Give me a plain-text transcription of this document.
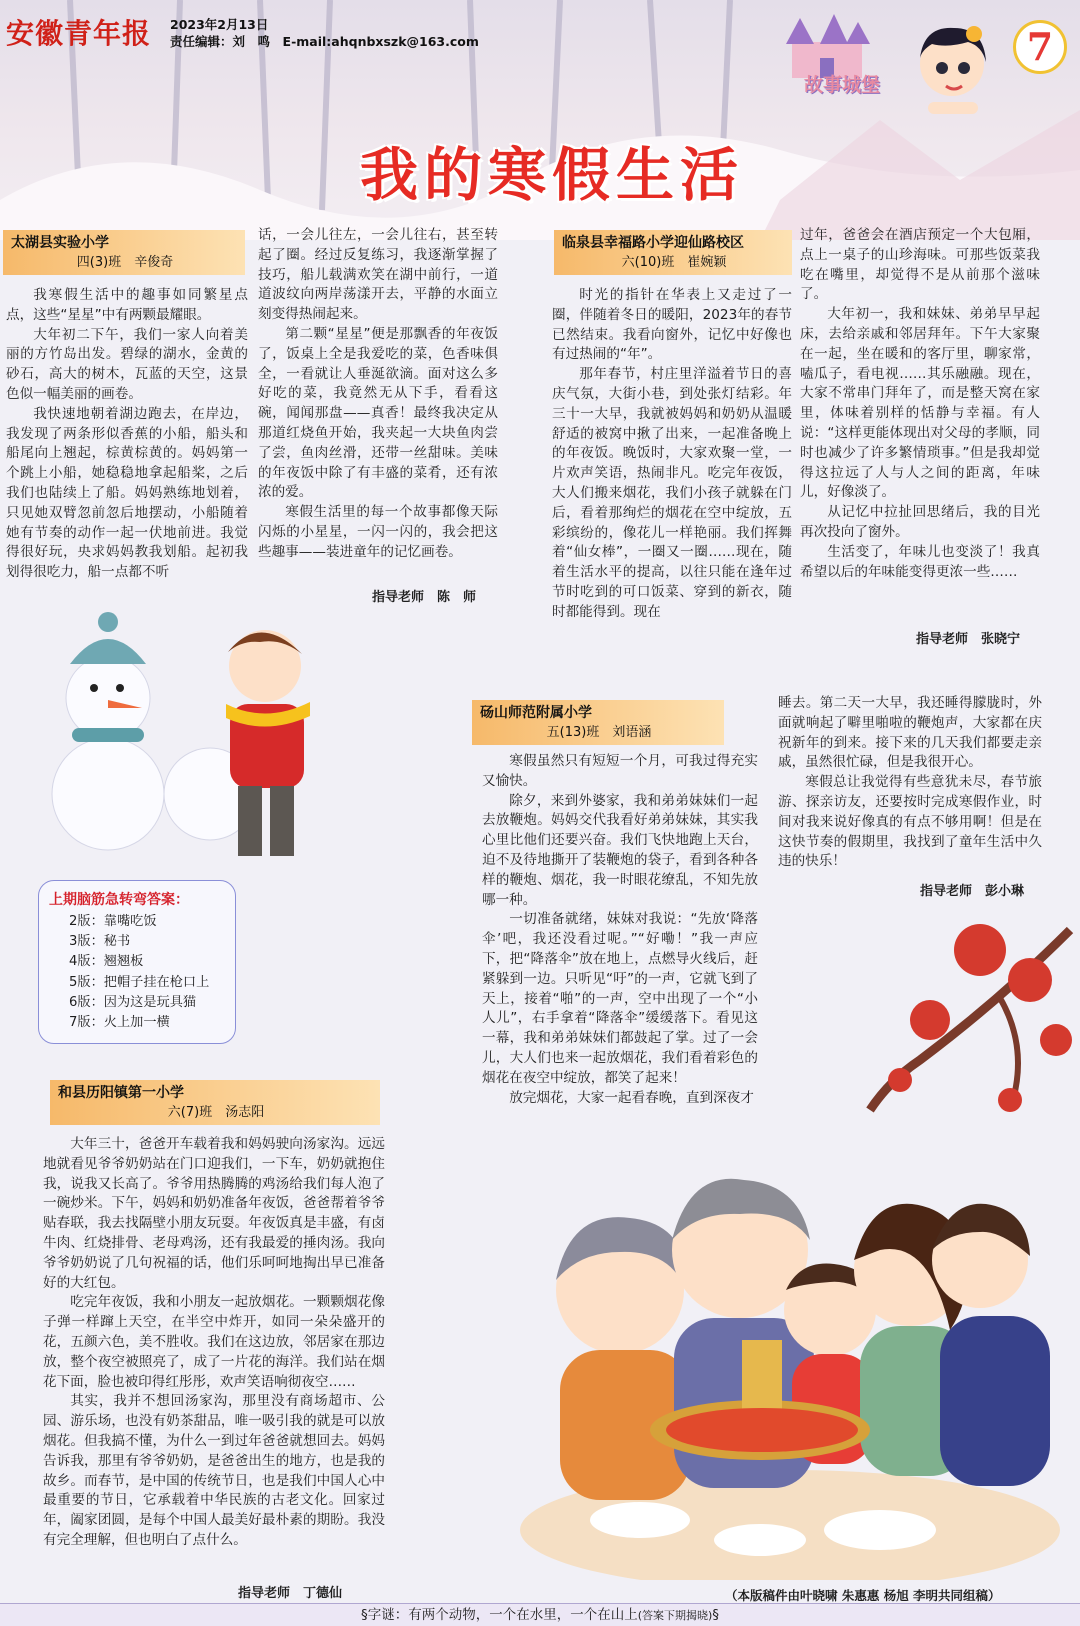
安徽青年报 2023年2月13日
责任编辑：刘　鸣　 E-mail:ahqnbxszk@163.com
故事城堡
7
我的寒假生活
太湖县实验小学
四(3)班　辛俊奇

我寒假生活中的趣事如同繁星点点，这些“星星”中有两颗最耀眼。

大年初二下午，我们一家人向着美丽的方竹岛出发。碧绿的湖水，金黄的砂石，高大的树木，瓦蓝的天空，这景色似一幅美丽的画卷。

我快速地朝着湖边跑去，在岸边，我发现了两条形似香蕉的小船，船头和船尾向上翘起，棕黄棕黄的。妈妈第一个跳上小船，她稳稳地拿起船桨，之后我们也陆续上了船。妈妈熟练地划着，只见她双臂忽前忽后地摆动，小船随着她有节奏的动作一起一伏地前进。我觉得很好玩，央求妈妈教我划船。起初我划得很吃力，船一点都不听

话，一会儿往左，一会儿往右，甚至转起了圈。经过反复练习，我逐渐掌握了技巧，船儿载满欢笑在湖中前行，一道道波纹向两岸荡漾开去，平静的水面立刻变得热闹起来。

第二颗“星星”便是那飘香的年夜饭了，饭桌上全是我爱吃的菜，色香味俱全，一看就让人垂涎欲滴。面对这么多好吃的菜，我竟然无从下手，看看这碗，闻闻那盘——真香！最终我决定从那道红烧鱼开始，我夹起一大块鱼肉尝了尝，鱼肉丝滑，还带一丝甜味。美味的年夜饭中除了有丰盛的菜肴，还有浓浓的爱。

寒假生活里的每一个故事都像天际闪烁的小星星，一闪一闪的，我会把这些趣事——装进童年的记忆画卷。

指导老师　陈　师
临泉县幸福路小学迎仙路校区
六(10)班　崔婉颖

时光的指针在华表上又走过了一圈，伴随着冬日的暖阳，2023年的春节已然结束。我看向窗外，记忆中好像也有过热闹的“年”。

那年春节，村庄里洋溢着节日的喜庆气氛，大街小巷，到处张灯结彩。年三十一大早，我就被妈妈和奶奶从温暖舒适的被窝中揪了出来，一起准备晚上的年夜饭。晚饭时，大家欢聚一堂，一片欢声笑语，热闹非凡。吃完年夜饭，大人们搬来烟花，我们小孩子就躲在门后，看着那绚烂的烟花在空中绽放，五彩缤纷的，像花儿一样艳丽。我们挥舞着“仙女棒”，一圈又一圈……现在，随着生活水平的提高，以往只能在逢年过节时吃到的可口饭菜、穿到的新衣，随时都能得到。现在

过年，爸爸会在酒店预定一个大包厢，点上一桌子的山珍海味。可那些饭菜我吃在嘴里，却觉得不是从前那个滋味了。

大年初一，我和妹妹、弟弟早早起床，去给亲戚和邻居拜年。下午大家聚在一起，坐在暖和的客厅里，聊家常，嗑瓜子，看电视……其乐融融。现在，大家不常串门拜年了，而是整天窝在家里，体味着别样的恬静与幸福。有人说：“这样更能体现出对父母的孝顺，同时也减少了许多繁情琐事。”但是我却觉得这拉远了人与人之间的距离，年味儿，好像淡了。

从记忆中拉扯回思绪后，我的目光再次投向了窗外。

生活变了，年味儿也变淡了！我真希望以后的年味能变得更浓一些……

指导老师　张晓宁
上期脑筋急转弯答案：
2版：靠嘴吃饭
3版：秘书
4版：翘翘板
5版：把帽子挂在枪口上
6版：因为这是玩具猫
7版：火上加一横
砀山师范附属小学
五(13)班　刘语涵

寒假虽然只有短短一个月，可我过得充实又愉快。

除夕，来到外婆家，我和弟弟妹妹们一起去放鞭炮。妈妈交代我看好弟弟妹妹，其实我心里比他们还要兴奋。我们飞快地跑上天台，迫不及待地撕开了装鞭炮的袋子，看到各种各样的鞭炮、烟花，我一时眼花缭乱，不知先放哪一种。

一切准备就绪，妹妹对我说：“先放‘降落伞’吧，我还没看过呢。”“好嘞！”我一声应下，把“降落伞”放在地上，点燃导火线后，赶紧躲到一边。只听见“吁”的一声，它就飞到了天上，接着“啪”的一声，空中出现了一个“小人儿”，右手拿着“降落伞”缓缓落下。看见这一幕，我和弟弟妹妹们都鼓起了掌。过了一会儿，大人们也来一起放烟花，我们看着彩色的烟花在夜空中绽放，都笑了起来！

放完烟花，大家一起看春晚，直到深夜才

睡去。第二天一大早，我还睡得朦胧时，外面就响起了噼里啪啦的鞭炮声，大家都在庆祝新年的到来。接下来的几天我们都要走亲戚，虽然很忙碌，但是我很开心。

寒假总让我觉得有些意犹未尽，春节旅游、探亲访友，还要按时完成寒假作业，时间对我来说好像真的有点不够用啊！但是在这快节奏的假期里，我找到了童年生活中久违的快乐！

指导老师　彭小琳
和县历阳镇第一小学
六(7)班　汤志阳

大年三十，爸爸开车载着我和妈妈驶向汤家沟。远远地就看见爷爷奶奶站在门口迎我们，一下车，奶奶就抱住我，说我又长高了。爷爷用热腾腾的鸡汤给我们每人泡了一碗炒米。下午，妈妈和奶奶准备年夜饭，爸爸帮着爷爷贴春联，我去找隔壁小朋友玩耍。年夜饭真是丰盛，有卤牛肉、红烧排骨、老母鸡汤，还有我最爱的捶肉汤。我向爷爷奶奶说了几句祝福的话，他们乐呵呵地掏出早已准备好的大红包。

吃完年夜饭，我和小朋友一起放烟花。一颗颗烟花像子弹一样蹿上天空，在半空中炸开，如同一朵朵盛开的花，五颜六色，美不胜收。我们在这边放，邻居家在那边放，整个夜空被照亮了，成了一片花的海洋。我们站在烟花下面，脸也被印得红彤彤，欢声笑语响彻夜空……

其实，我并不想回汤家沟，那里没有商场超市、公园、游乐场，也没有奶茶甜品，唯一吸引我的就是可以放烟花。但我搞不懂，为什么一到过年爸爸就想回去。妈妈告诉我，那里有爷爷奶奶，是爸爸出生的地方，也是我的故乡。而春节，是中国的传统节日，也是我们中国人心中最重要的节日，它承载着中华民族的古老文化。回家过年，阖家团圆，是每个中国人最美好最朴素的期盼。我没有完全理解，但也明白了点什么。

指导老师　丁德仙	（本版稿件由叶晓啸 朱惠惠 杨旭 李明共同组稿）
§字谜：有两个动物，一个在水里，一个在山上(答案下期揭晓)§
